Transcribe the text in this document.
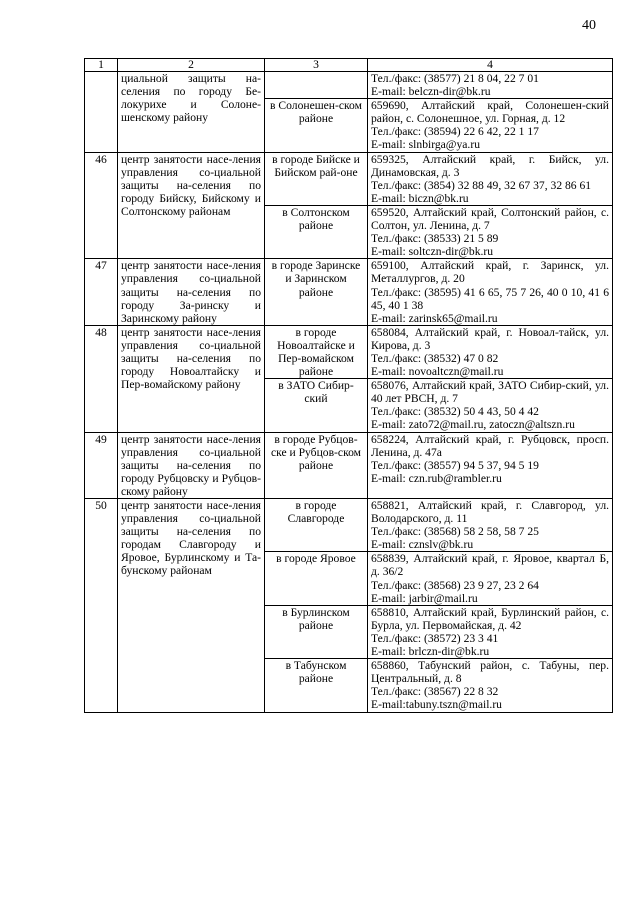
40
1	2	3	4
	циальной защиты на-селения по городу Бе-локурихе и Солоне-шенскому району		Тел./факс: (38577) 21 8 04, 22 7 01
E-mail: belczn-dir@bk.ru

		в Солонешен-ском районе	659690, Алтайский край, Солонешен-ский район, с. Солонешное, ул. Горная, д. 12
Тел./факс: (38594) 22 6 42, 22 1 17
E-mail: slnbirga@ya.ru

46	центр занятости насе-ления управления со-циальной защиты на-селения по городу Бийску, Бийскому и Солтонскому районам	в городе Бийске и Бийском рай-оне	659325, Алтайский край, г. Бийск, ул. Динамовская, д. 3
Тел./факс: (3854) 32 88 49, 32 67 37, 32 86 61
E-mail: biczn@bk.ru

		в Солтонском районе	659520, Алтайский край, Солтонский район, с. Солтон, ул. Ленина, д. 7
Тел./факс: (38533) 21 5 89
E-mail: soltczn-dir@bk.ru

47	центр занятости насе-ления управления со-циальной защиты на-селения по городу За-ринску и Заринскому району	в городе Заринске и Заринском районе	659100, Алтайский край, г. Заринск, ул. Металлургов, д. 20
Тел./факс: (38595) 41 6 65, 75 7 26, 40 0 10, 41 6 45, 40 1 38
E-mail: zarinsk65@mail.ru

48	центр занятости насе-ления управления со-циальной защиты на-селения по городу Новоалтайску и Пер-вомайскому району	в городе Новоалтайске и Пер-вомайском районе	658084, Алтайский край, г. Новоал-тайск, ул. Кирова, д. 3
Тел./факс: (38532) 47 0 82
E-mail: novoaltczn@mail.ru

		в ЗАТО Сибир-ский	658076, Алтайский край, ЗАТО Сибир-ский, ул. 40 лет РВСН, д. 7
Тел./факс: (38532) 50 4 43, 50 4 42
E-mail: zato72@mail.ru, zatoczn@altszn.ru

49	центр занятости насе-ления управления со-циальной защиты на-селения по городу Рубцовску и Рубцов-скому району	в городе Рубцов-ске и Рубцов-ском районе	658224, Алтайский край, г. Рубцовск, просп. Ленина, д. 47а
Тел./факс: (38557) 94 5 37, 94 5 19
E-mail: czn.rub@rambler.ru

50	центр занятости насе-ления управления со-циальной защиты на-селения по городам Славгороду и Яровое, Бурлинскому и Та-бунскому районам	в городе Славгороде	658821, Алтайский край, г. Славгород, ул. Володарского, д. 11
Тел./факс: (38568) 58 2 58, 58 7 25
E-mail: cznslv@bk.ru

		в городе Яровое	658839, Алтайский край, г. Яровое, квартал Б, д. 36/2
Тел./факс: (38568) 23 9 27, 23 2 64
E-mail: jarbir@mail.ru

		в Бурлинском районе	658810, Алтайский край, Бурлинский район, с. Бурла, ул. Первомайская, д. 42
Тел./факс: (38572) 23 3 41
E-mail: brlczn-dir@bk.ru

		в Табунском районе	658860, Табунский район, с. Табуны, пер. Центральный, д. 8
Тел./факс: (38567) 22 8 32
E-mail:tabuny.tszn@mail.ru
